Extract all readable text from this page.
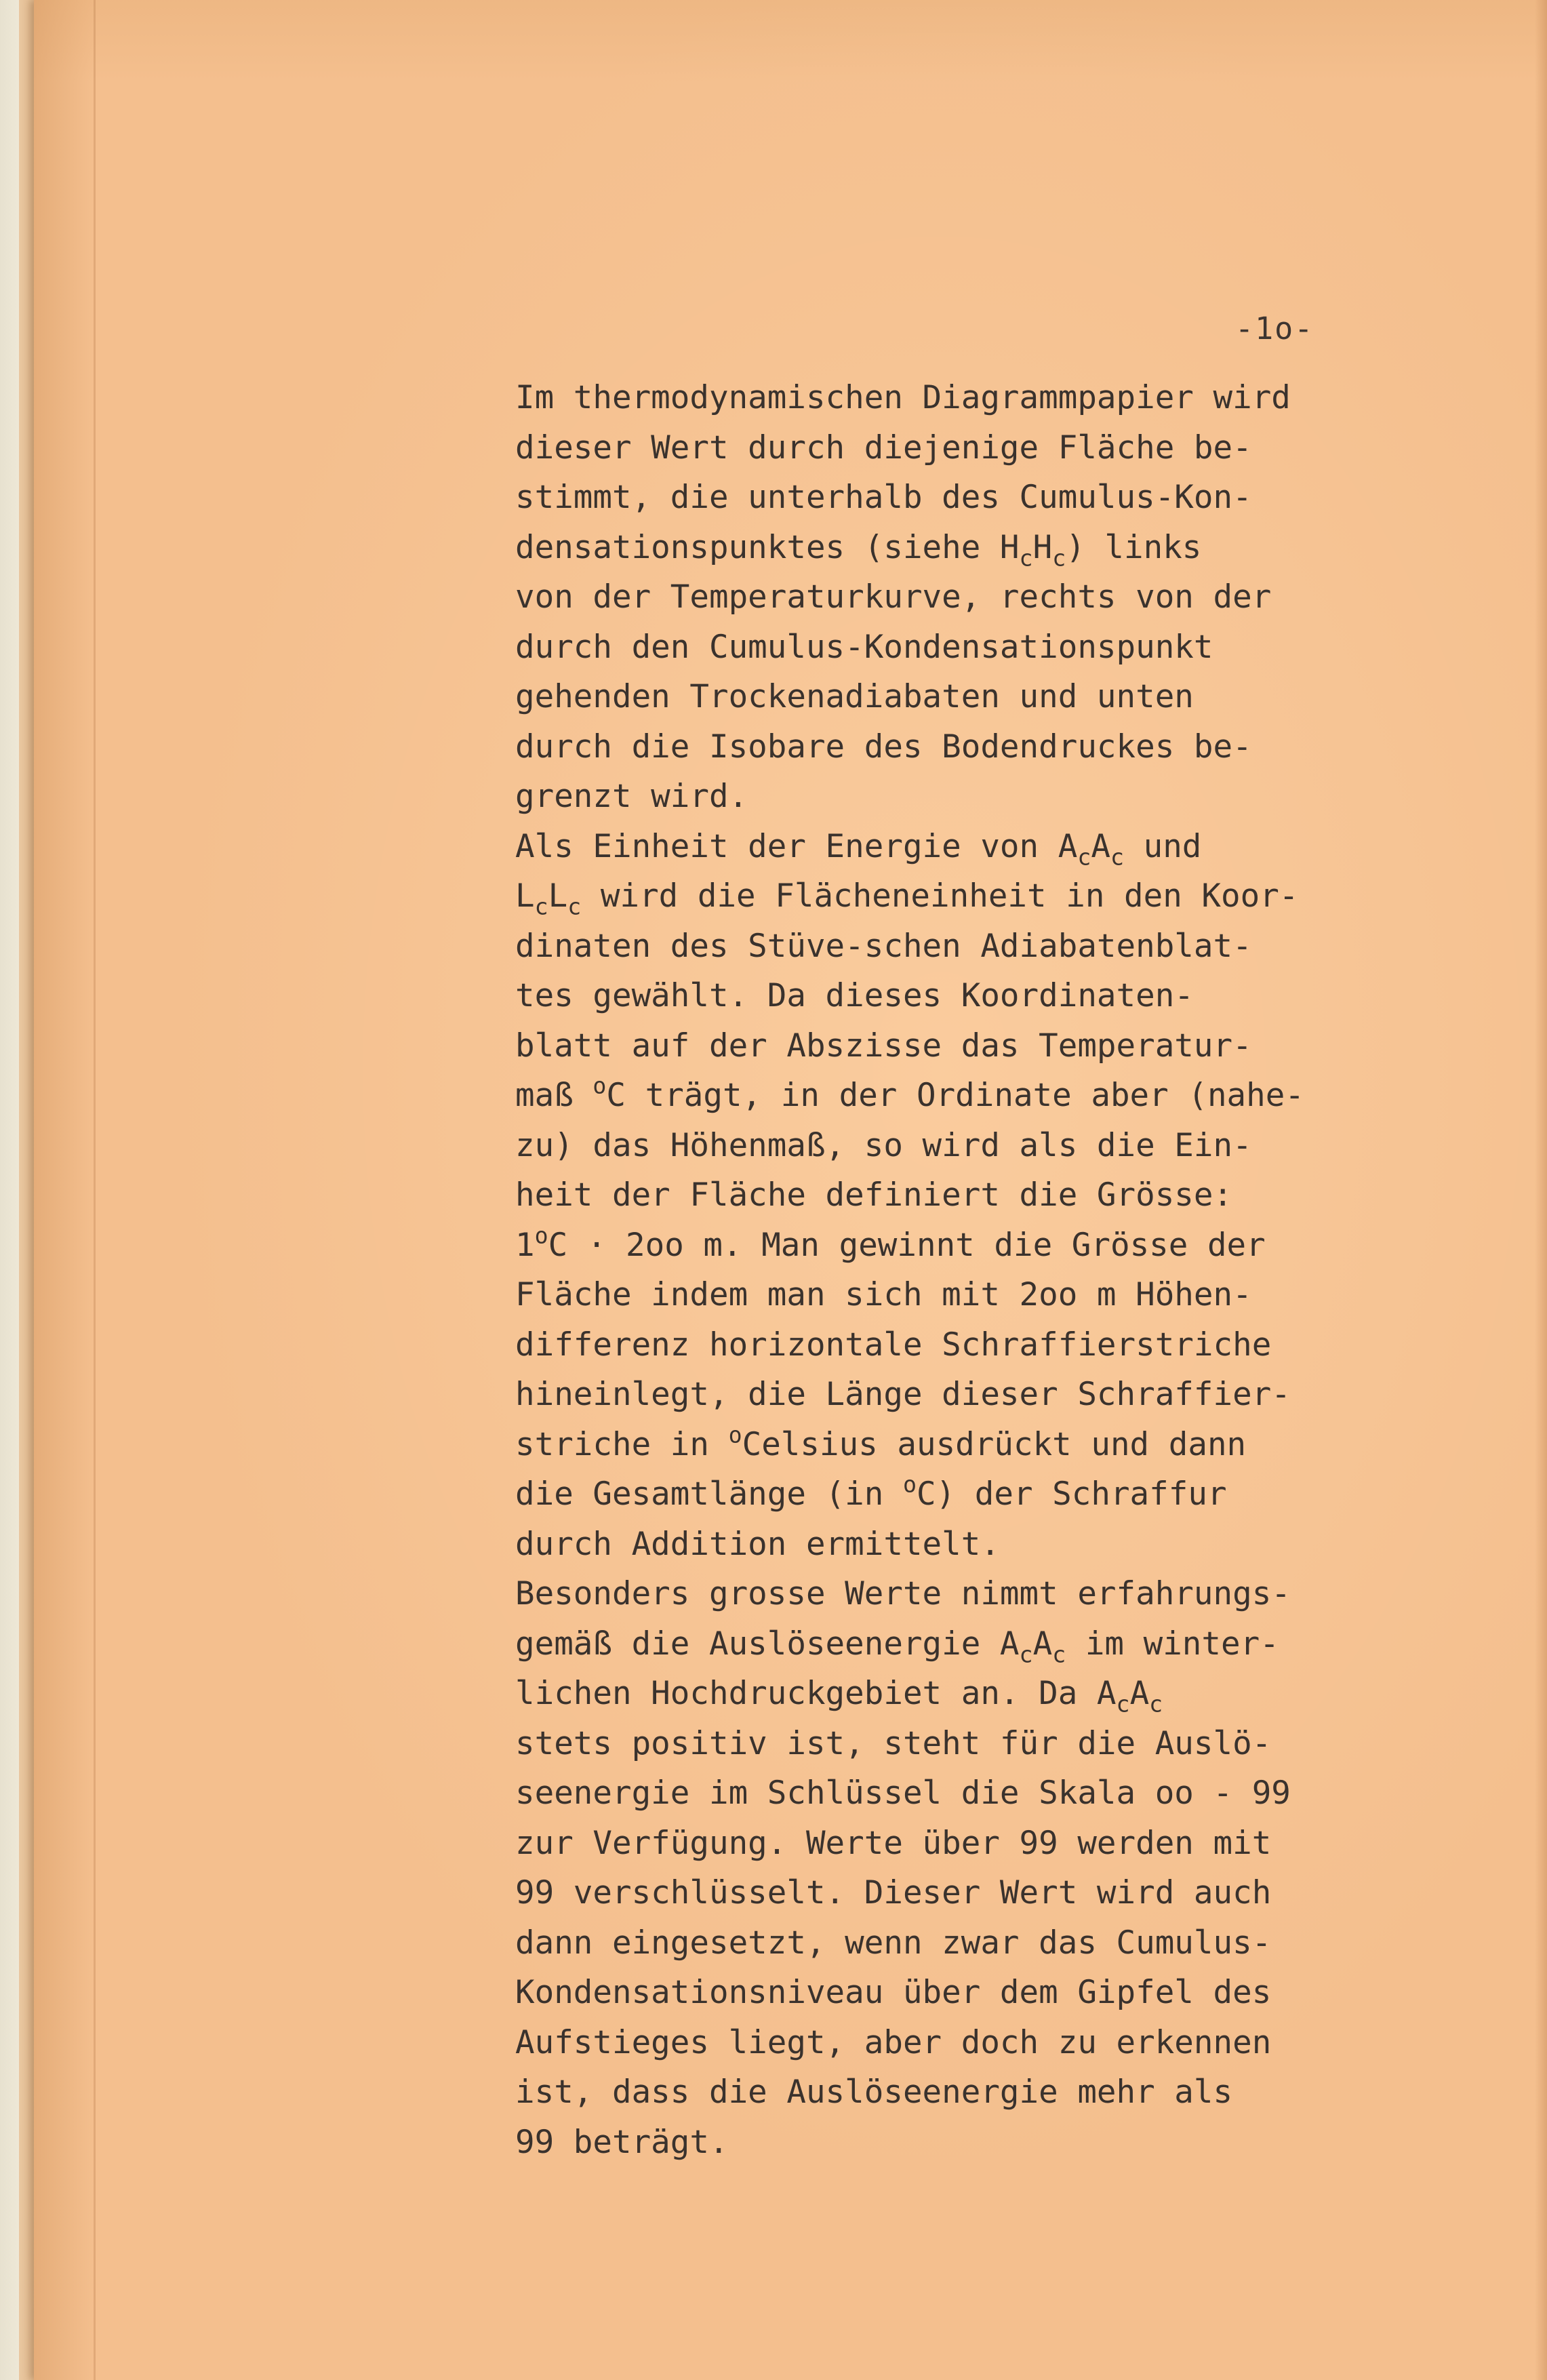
-1o-
Im thermodynamischen Diagrammpapier wird
dieser Wert durch diejenige Fläche be-
stimmt, die unterhalb des Cumulus-Kon-
densationspunktes (siehe $H_cH_c$) links
von der Temperaturkurve, rechts von der
durch den Cumulus-Kondensationspunkt
gehenden Trockenadiabaten und unten
durch die Isobare des Bodendruckes be-
grenzt wird.
Als Einheit der Energie von $A_cA_c$ und
$L_cL_c$ wird die Flächeneinheit in den Koor-
dinaten des Stüve-schen Adiabatenblat-
tes gewählt. Da dieses Koordinaten-
blatt auf der Abszisse das Temperatur-
maß $^o$C trägt, in der Ordinate aber (nahe-
zu) das Höhenmaß, so wird als die Ein-
heit der Fläche definiert die Grösse:
$1^oC \cdot 2oo$ m. Man gewinnt die Grösse der
Fläche indem man sich mit 2oo m Höhen-
differenz horizontale Schraffierstriche
hineinlegt, die Länge dieser Schraffier-
striche in $^o$Celsius ausdrückt und dann
die Gesamtlänge (in $^o$C) der Schraffur
durch Addition ermittelt.
Besonders grosse Werte nimmt erfahrungs-
gemäß die Auslöseenergie $A_cA_c$ im winter-
lichen Hochdruckgebiet an. Da $A_cA_c$
stets positiv ist, steht für die Auslö-
seenergie im Schlüssel die Skala oo - 99
zur Verfügung. Werte über 99 werden mit
99 verschlüsselt. Dieser Wert wird auch
dann eingesetzt, wenn zwar das Cumulus-
Kondensationsniveau über dem Gipfel des
Aufstieges liegt, aber doch zu erkennen
ist, dass die Auslöseenergie mehr als
99 beträgt.
